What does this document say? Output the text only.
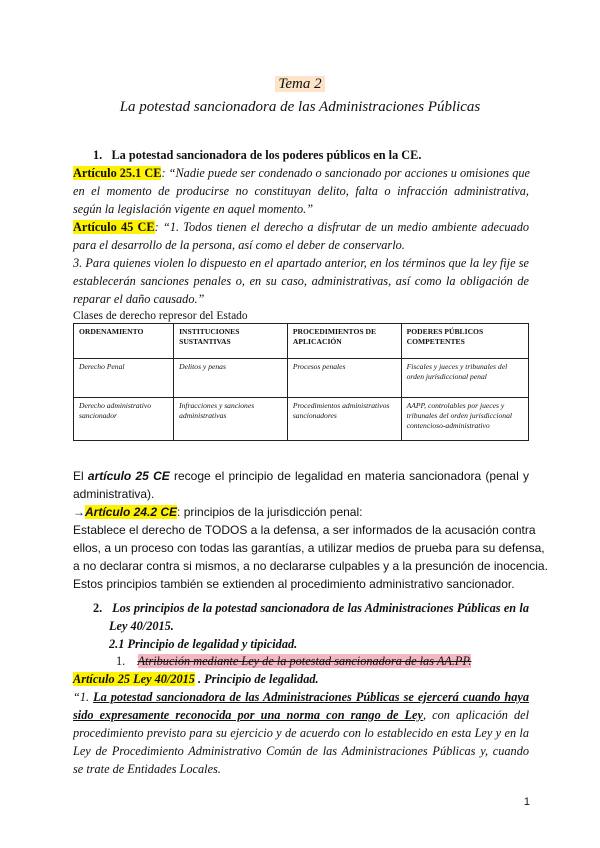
Tema 2
La potestad sancionadora de las Administraciones Públicas
1. La potestad sancionadora de los poderes públicos en la CE.
Artículo 25.1 CE: “Nadie puede ser condenado o sancionado por acciones u omisiones que
en el momento de producirse no constituyan delito, falta o infracción administrativa,
según la legislación vigente en aquel momento.”
Artículo 45 CE: “1. Todos tienen el derecho a disfrutar de un medio ambiente adecuado
para el desarrollo de la persona, así como el deber de conservarlo.
3. Para quienes violen lo dispuesto en el apartado anterior, en los términos que la ley fije se
establecerán sanciones penales o, en su caso, administrativas, así como la obligación de
reparar el daño causado.”
Clases de derecho represor del Estado
ORDENAMIENTO	INSTITUCIONES SUSTANTIVAS	PROCEDIMIENTOS DE APLICACIÓN	PODERES PÚBLICOS COMPETENTES
Derecho Penal	Delitos y penas	Procesos penales	Fiscales y jueces y tribunales del orden jurisdiccional penal
Derecho administrativo sancionador	Infracciones y sanciones administrativas	Procedimientos administrativos sancionadores	AAPP, controlables por jueces y tribunales del orden jurisdiccional contencioso-administrativo
El artículo 25 CE recoge el principio de legalidad en materia sancionadora (penal y
administrativa).
→Artículo 24.2 CE: principios de la jurisdicción penal:
Establece el derecho de TODOS a la defensa, a ser informados de la acusación contra
ellos, a un proceso con todas las garantías, a utilizar medios de prueba para su defensa,
a no declarar contra si mismos, a no declararse culpables y a la presunción de inocencia.
Estos principios también se extienden al procedimiento administrativo sancionador.
2. Los principios de la potestad sancionadora de las Administraciones Públicas en la
Ley 40/2015.
2.1 Principio de legalidad y tipicidad.
1. Atribución mediante Ley de la potestad sancionadora de las AA.PP.
Artículo 25 Ley 40/2015 . Principio de legalidad.
“1. La potestad sancionadora de las Administraciones Públicas se ejercerá cuando haya
sido expresamente reconocida por una norma con rango de Ley, con aplicación del
procedimiento previsto para su ejercicio y de acuerdo con lo establecido en esta Ley y en la
Ley de Procedimiento Administrativo Común de las Administraciones Públicas y, cuando
se trate de Entidades Locales.
1
